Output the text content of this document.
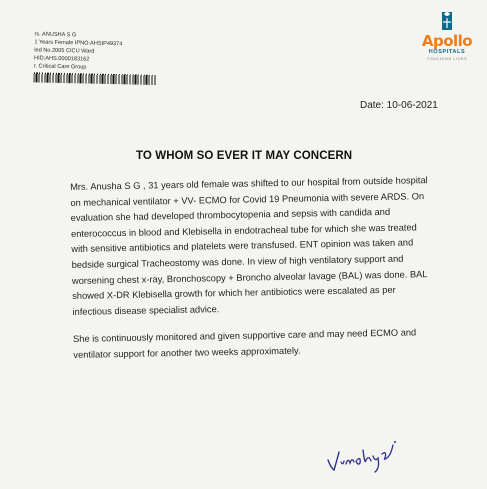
rs. ANUSHA S G
1 Years Female IPNO:AHSIP49374
led No.2005 CICU Ward
HID:AHS.0000183162
r. Critical Care Group
Apollo
HOSPITALS
TOUCHING LIVES
Date: 10-06-2021
TO WHOM SO EVER IT MAY CONCERN

Mrs. Anusha S G , 31 years old female was shifted to our hospital from outside hospital on mechanical ventilator + VV- ECMO for Covid 19 Pneumonia with severe ARDS. On evaluation she had developed thrombocytopenia and sepsis with candida and enterococcus in blood and Klebisella in endotracheal tube for which she was treated with sensitive antibiotics and platelets were transfused. ENT opinion was taken and bedside surgical Tracheostomy was done. In view of high ventilatory support and worsening chest x-ray, Bronchoscopy + Broncho alveolar lavage (BAL) was done. BAL showed X-DR Klebisella growth for which her antibiotics were escalated as per infectious disease specialist advice.

She is continuously monitored and given supportive care and may need ECMO and ventilator support for another two weeks approximately.
